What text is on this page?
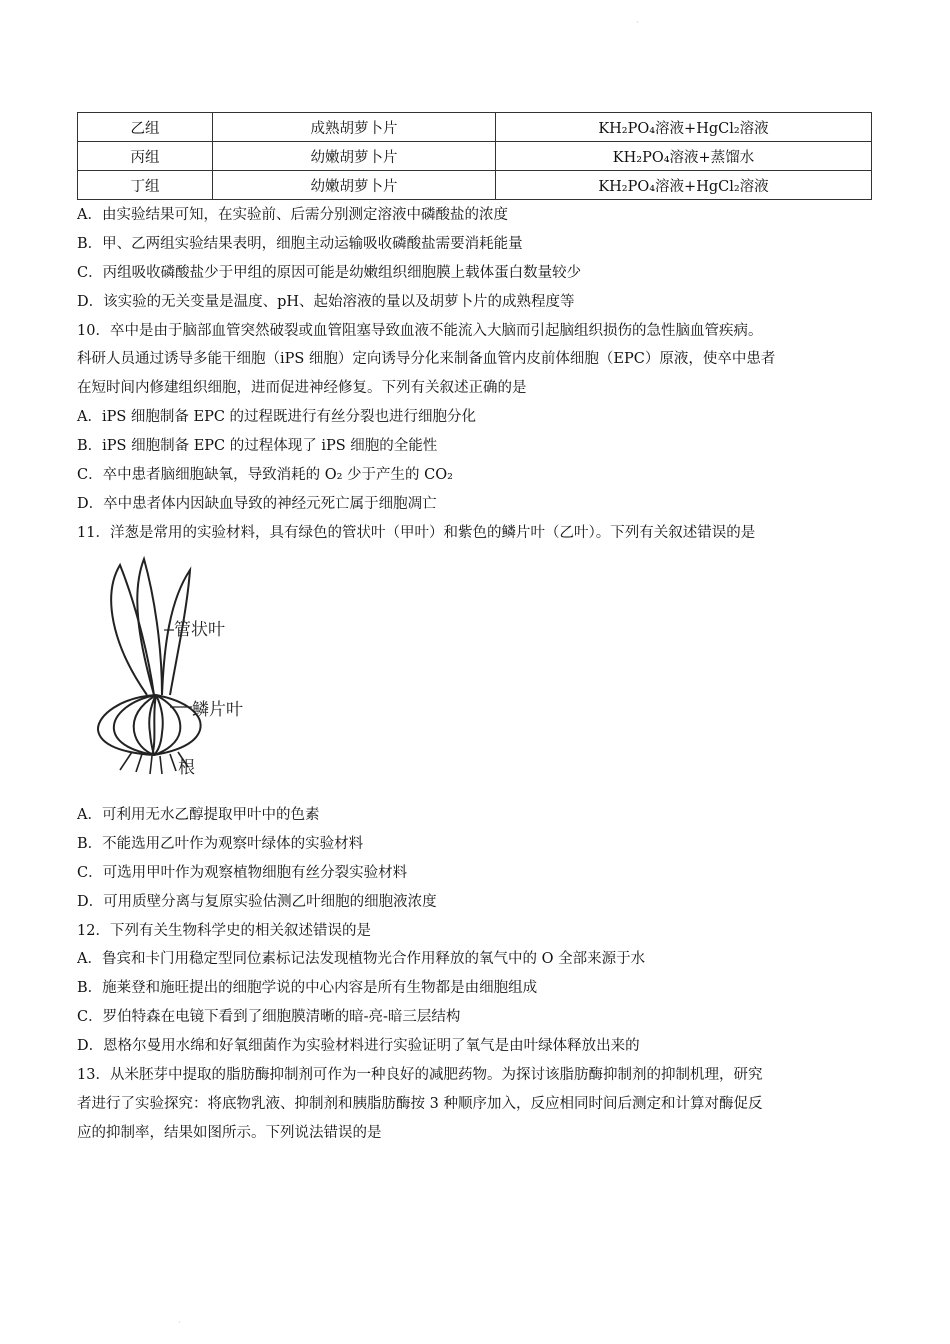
·
·
乙组	成熟胡萝卜片	KH₂PO₄溶液+HgCl₂溶液
丙组	幼嫩胡萝卜片	KH₂PO₄溶液+蒸馏水
丁组	幼嫩胡萝卜片	KH₂PO₄溶液+HgCl₂溶液
A．由实验结果可知，在实验前、后需分别测定溶液中磷酸盐的浓度
B．甲、乙两组实验结果表明，细胞主动运输吸收磷酸盐需要消耗能量
C．丙组吸收磷酸盐少于甲组的原因可能是幼嫩组织细胞膜上载体蛋白数量较少
D．该实验的无关变量是温度、pH、起始溶液的量以及胡萝卜片的成熟程度等
10．卒中是由于脑部血管突然破裂或血管阻塞导致血液不能流入大脑而引起脑组织损伤的急性脑血管疾病。
科研人员通过诱导多能干细胞（iPS 细胞）定向诱导分化来制备血管内皮前体细胞（EPC）原液，使卒中患者
在短时间内修建组织细胞，进而促进神经修复。下列有关叙述正确的是
A．iPS 细胞制备 EPC 的过程既进行有丝分裂也进行细胞分化
B．iPS 细胞制备 EPC 的过程体现了 iPS 细胞的全能性
C．卒中患者脑细胞缺氧，导致消耗的 O₂ 少于产生的 CO₂
D．卒中患者体内因缺血导致的神经元死亡属于细胞凋亡
11．洋葱是常用的实验材料，具有绿色的管状叶（甲叶）和紫色的鳞片叶（乙叶）。下列有关叙述错误的是
管状叶
鳞片叶
根
A．可利用无水乙醇提取甲叶中的色素
B．不能选用乙叶作为观察叶绿体的实验材料
C．可选用甲叶作为观察植物细胞有丝分裂实验材料
D．可用质壁分离与复原实验估测乙叶细胞的细胞液浓度
12．下列有关生物科学史的相关叙述错误的是
A．鲁宾和卡门用稳定型同位素标记法发现植物光合作用释放的氧气中的 O 全部来源于水
B．施莱登和施旺提出的细胞学说的中心内容是所有生物都是由细胞组成
C．罗伯特森在电镜下看到了细胞膜清晰的暗-亮-暗三层结构
D．恩格尔曼用水绵和好氧细菌作为实验材料进行实验证明了氧气是由叶绿体释放出来的
13．从米胚芽中提取的脂肪酶抑制剂可作为一种良好的减肥药物。为探讨该脂肪酶抑制剂的抑制机理，研究
者进行了实验探究：将底物乳液、抑制剂和胰脂肪酶按 3 种顺序加入，反应相同时间后测定和计算对酶促反
应的抑制率，结果如图所示。下列说法错误的是
